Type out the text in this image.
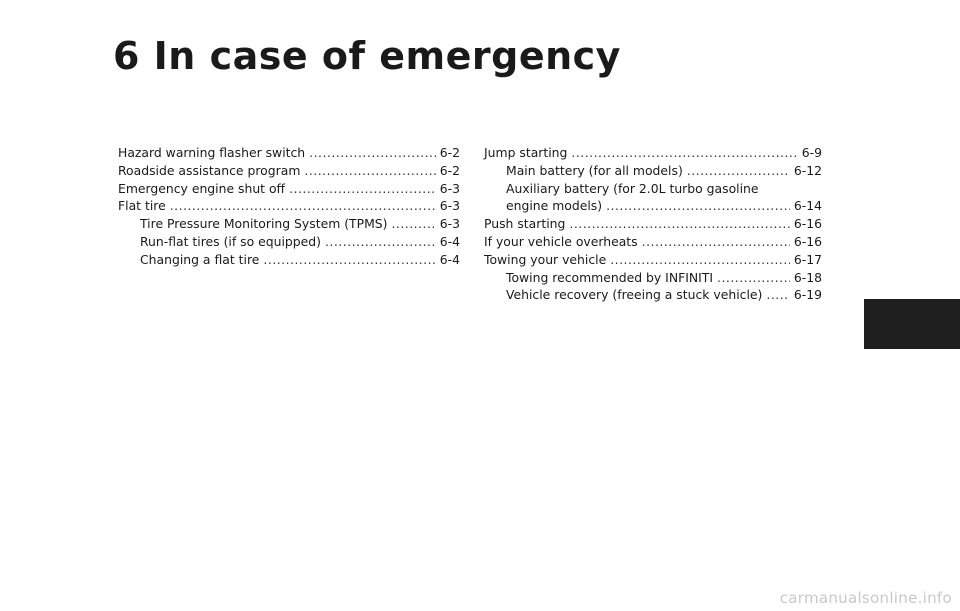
6 In case of emergency
Hazard warning flasher switch .....	6-2
Roadside assistance program .....	6-2
Emergency engine shut off .....	6-3
Flat tire .....	6-3
Tire Pressure Monitoring System (TPMS) .....	6-3
Run-flat tires (if so equipped) .....	6-4
Changing a flat tire .....	6-4
Jump starting .....	6-9
Main battery (for all models) .....	6-12
Auxiliary battery (for 2.0L turbo gasoline
engine models) .....	6-14
Push starting .....	6-16
If your vehicle overheats .....	6-16
Towing your vehicle .....	6-17
Towing recommended by INFINITI .....	6-18
Vehicle recovery (freeing a stuck vehicle) .....	6-19
carmanualsonline.info
